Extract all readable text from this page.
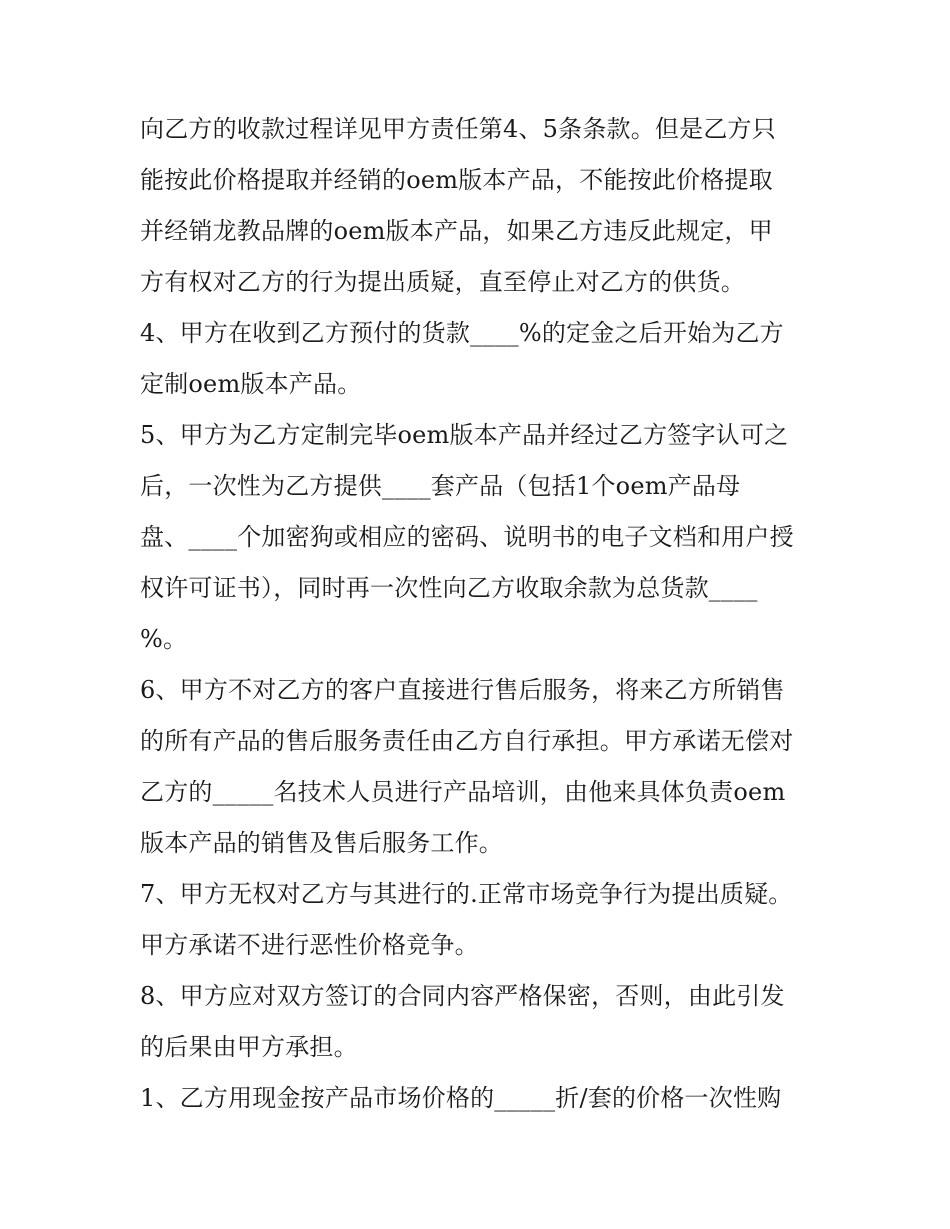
向乙方的收款过程详见甲方责任第4、5条条款。但是乙方只
能按此价格提取并经销的oem版本产品，不能按此价格提取
并经销龙教品牌的oem版本产品，如果乙方违反此规定，甲
方有权对乙方的行为提出质疑，直至停止对乙方的供货。
4、甲方在收到乙方预付的货款____%的定金之后开始为乙方
定制oem版本产品。
5、甲方为乙方定制完毕oem版本产品并经过乙方签字认可之
后，一次性为乙方提供____套产品（包括1个oem产品母
盘、____个加密狗或相应的密码、说明书的电子文档和用户授
权许可证书），同时再一次性向乙方收取余款为总货款____
%。
6、甲方不对乙方的客户直接进行售后服务，将来乙方所销售
的所有产品的售后服务责任由乙方自行承担。甲方承诺无偿对
乙方的_____名技术人员进行产品培训，由他来具体负责oem
版本产品的销售及售后服务工作。
7、甲方无权对乙方与其进行的.正常市场竞争行为提出质疑。
甲方承诺不进行恶性价格竞争。
8、甲方应对双方签订的合同内容严格保密，否则，由此引发
的后果由甲方承担。
1、乙方用现金按产品市场价格的_____折/套的价格一次性购
